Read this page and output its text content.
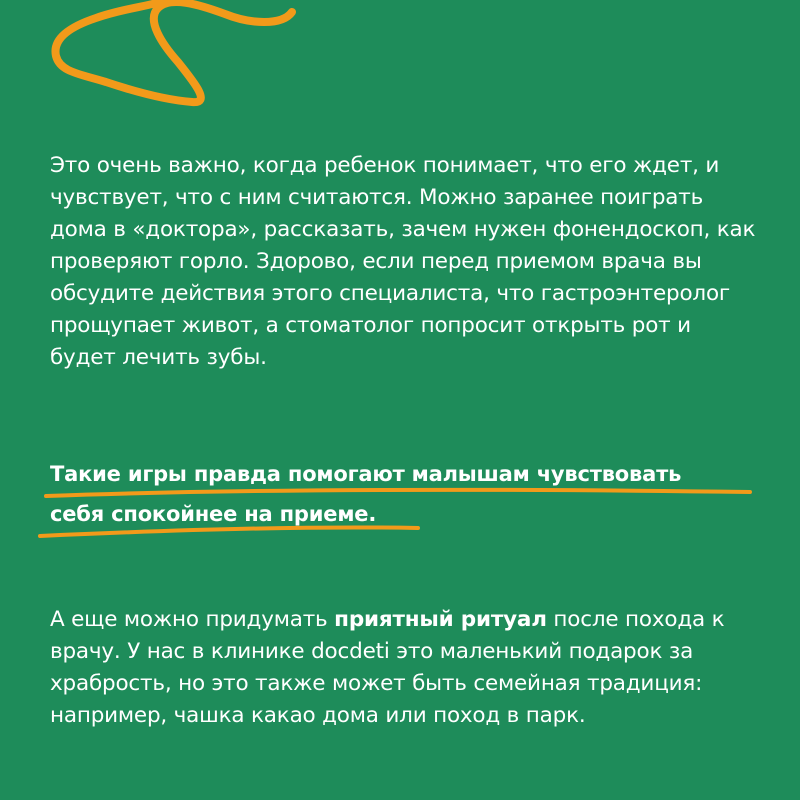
Это очень важно, когда ребенок понимает, что его ждет, и чувствует, что с ним считаются. Можно заранее поиграть дома в «доктора», рассказать, зачем нужен фонендоскоп, как проверяют горло. Здорово, если перед приемом врача вы обсудите действия этого специалиста, что гастроэнтеролог прощупает живот, а стоматолог попросит открыть рот и будет лечить зубы.

Такие игры правда помогают малышам чувствовать
себя спокойнее на приеме.

А еще можно придумать приятный ритуал после похода к врачу. У нас в клинике docdeti это маленький подарок за храбрость, но это также может быть семейная традиция: например, чашка какао дома или поход в парк.
